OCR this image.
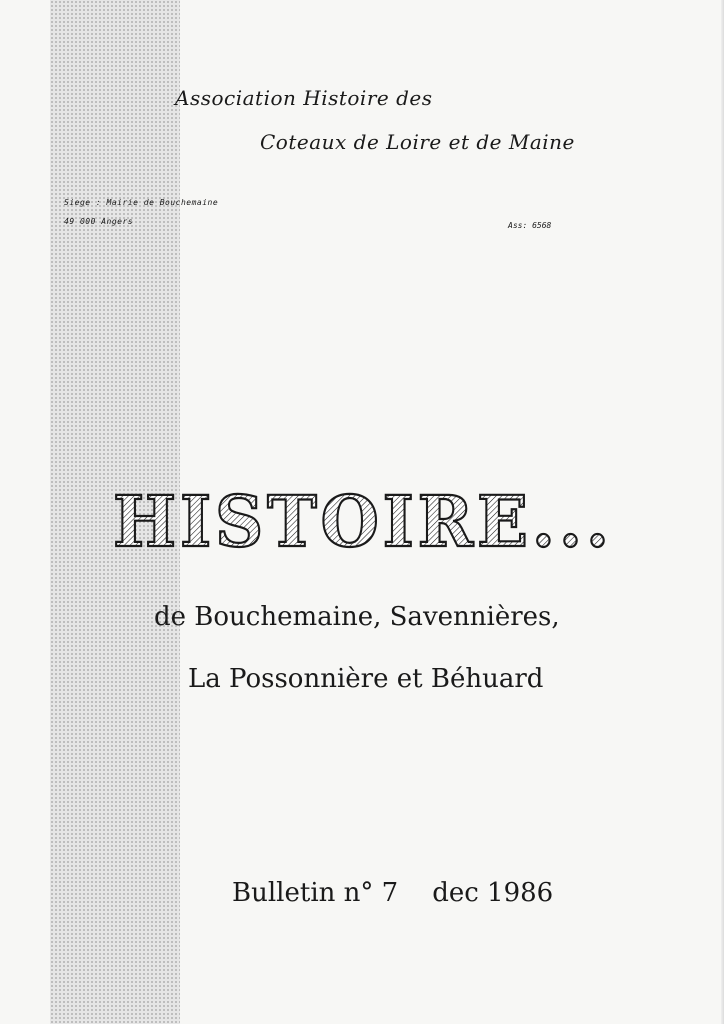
Association Histoire des
Coteaux de Loire et de Maine
Siege : Mairie de Bouchemaine
49 000 Angers	Ass: 6568
HISTOIRE...
de Bouchemaine, Savennières,
La Possonnière et Béhuard
Bulletin n° 7 dec 1986
